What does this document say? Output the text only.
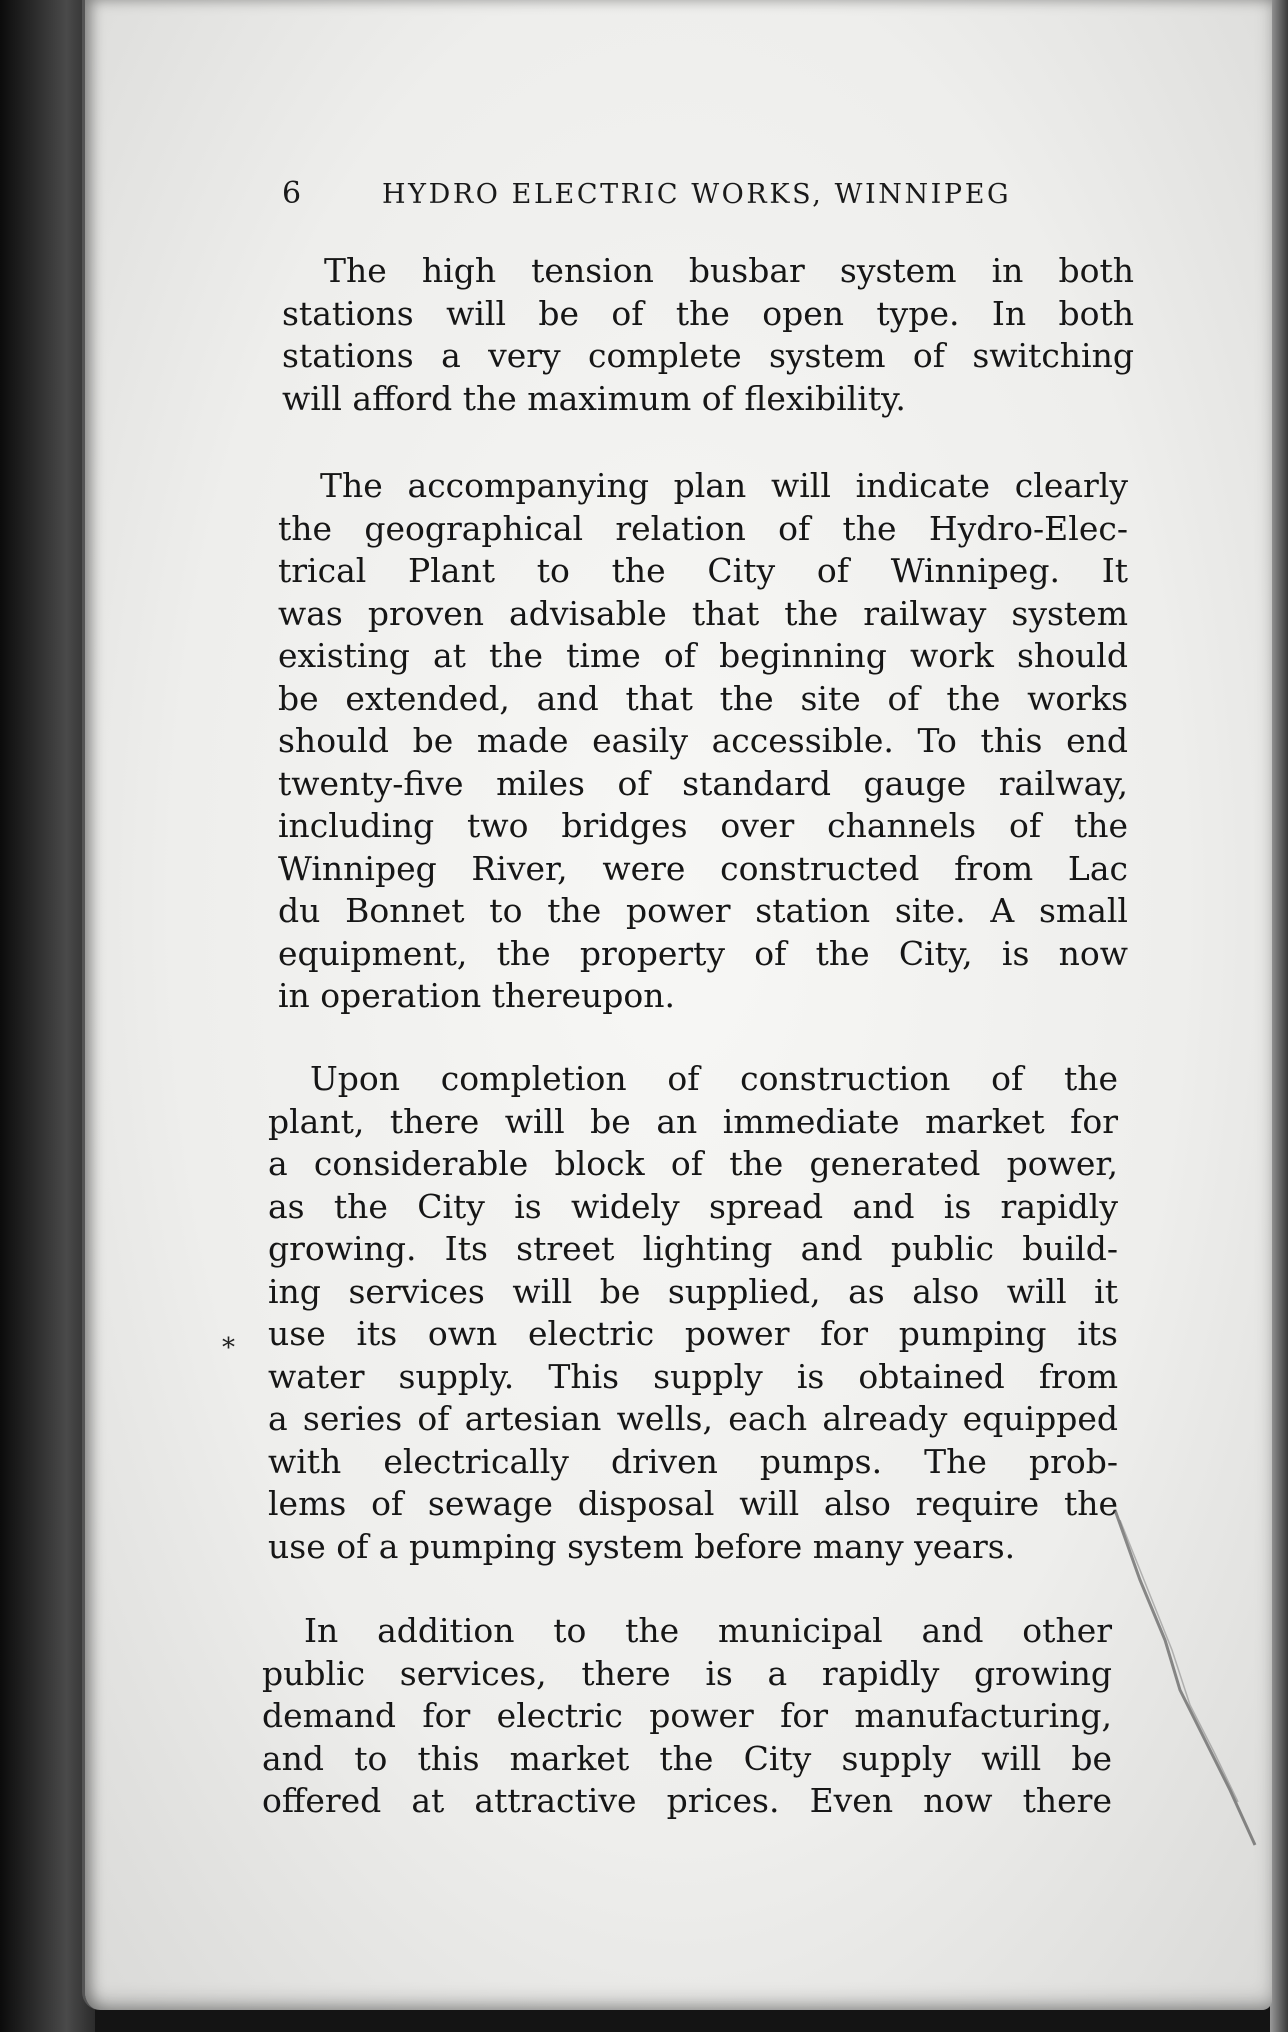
6	HYDRO ELECTRIC WORKS, WINNIPEG
The high tension busbar system in both
stations will be of the open type. In both
stations a very complete system of switching
will afford the maximum of flexibility.
The accompanying plan will indicate clearly
the geographical relation of the Hydro-Elec-
trical Plant to the City of Winnipeg. It
was proven advisable that the railway system
existing at the time of beginning work should
be extended, and that the site of the works
should be made easily accessible. To this end
twenty-five miles of standard gauge railway,
including two bridges over channels of the
Winnipeg River, were constructed from Lac
du Bonnet to the power station site. A small
equipment, the property of the City, is now
in operation thereupon.
Upon completion of construction of the
plant, there will be an immediate market for
a considerable block of the generated power,
as the City is widely spread and is rapidly
growing. Its street lighting and public build-
ing services will be supplied, as also will it
use its own electric power for pumping its
water supply. This supply is obtained from
a series of artesian wells, each already equipped
with electrically driven pumps. The prob-
lems of sewage disposal will also require the
use of a pumping system before many years.
*
In addition to the municipal and other
public services, there is a rapidly growing
demand for electric power for manufacturing,
and to this market the City supply will be
offered at attractive prices. Even now there
